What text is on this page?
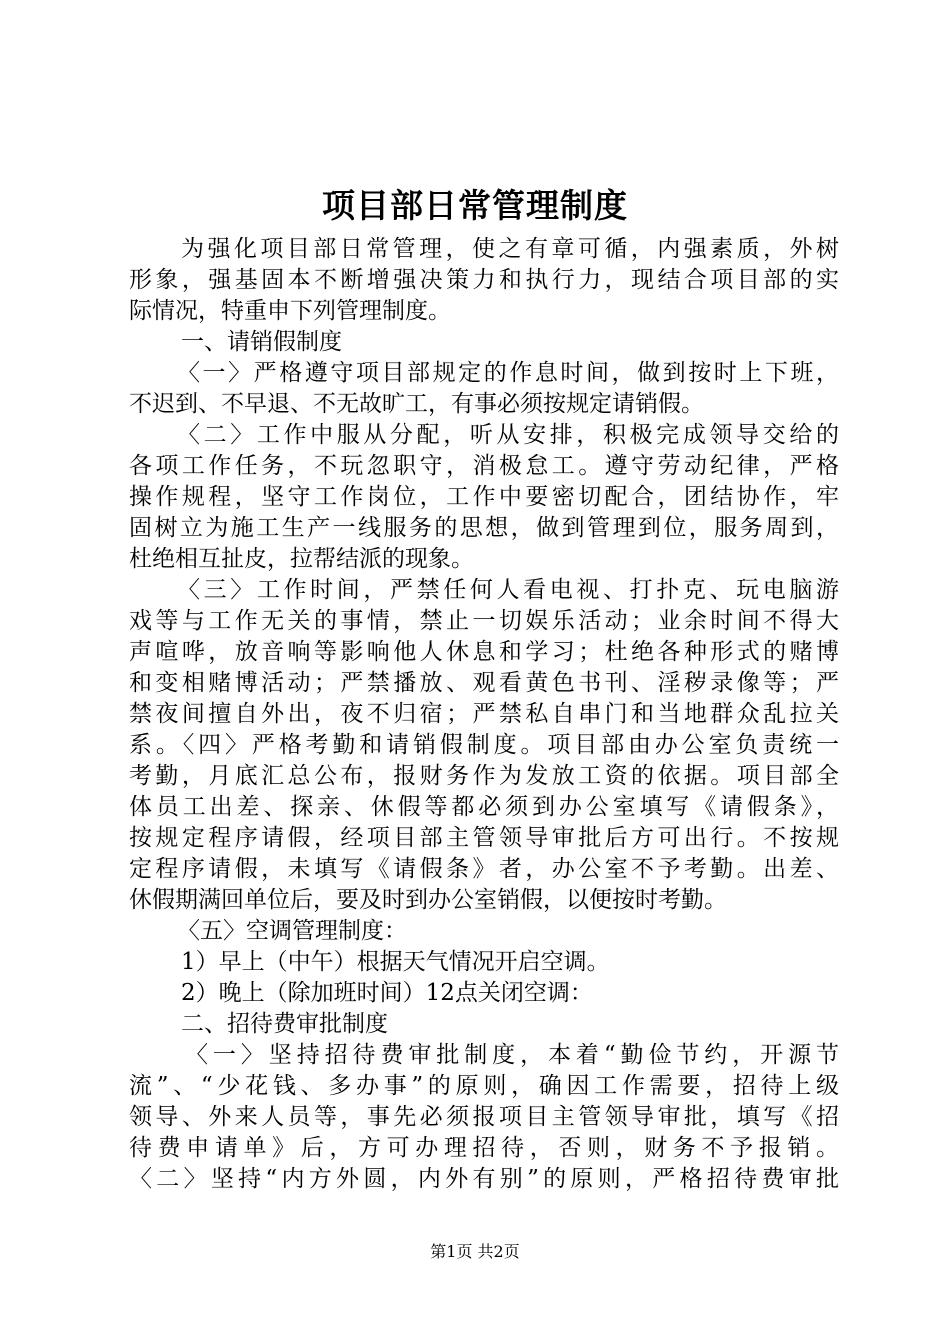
项目部日常管理制度
为强化项目部日常管理，使之有章可循，内强素质，外树
形象，强基固本不断增强决策力和执行力，现结合项目部的实
际情况，特重申下列管理制度。
一、请销假制度
〈一〉严格遵守项目部规定的作息时间，做到按时上下班，
不迟到、不早退、不无故旷工，有事必须按规定请销假。
〈二〉工作中服从分配，听从安排，积极完成领导交给的
各项工作任务，不玩忽职守，消极怠工。遵守劳动纪律，严格
操作规程，坚守工作岗位，工作中要密切配合，团结协作，牢
固树立为施工生产一线服务的思想，做到管理到位，服务周到，
杜绝相互扯皮，拉帮结派的现象。
〈三〉工作时间，严禁任何人看电视、打扑克、玩电脑游
戏等与工作无关的事情，禁止一切娱乐活动；业余时间不得大
声喧哗，放音响等影响他人休息和学习；杜绝各种形式的赌博
和变相赌博活动；严禁播放、观看黄色书刊、淫秽录像等；严
禁夜间擅自外出，夜不归宿；严禁私自串门和当地群众乱拉关
系。〈四〉严格考勤和请销假制度。项目部由办公室负责统一
考勤，月底汇总公布，报财务作为发放工资的依据。项目部全
体员工出差、探亲、休假等都必须到办公室填写《请假条》，
按规定程序请假，经项目部主管领导审批后方可出行。不按规
定程序请假，未填写《请假条》者，办公室不予考勤。出差、
休假期满回单位后，要及时到办公室销假，以便按时考勤。
〈五〉空调管理制度：
1）早上（中午）根据天气情况开启空调。
2）晚上（除加班时间）12点关闭空调：
二、招待费审批制度
〈一〉坚持招待费审批制度，本着“勤俭节约，开源节
流”、“少花钱、多办事”的原则，确因工作需要，招待上级
领导、外来人员等，事先必须报项目主管领导审批，填写《招
待费申请单》后，方可办理招待，否则，财务不予报销。
〈二〉坚持“内方外圆，内外有别”的原则，严格招待费审批
第1页 共2页
